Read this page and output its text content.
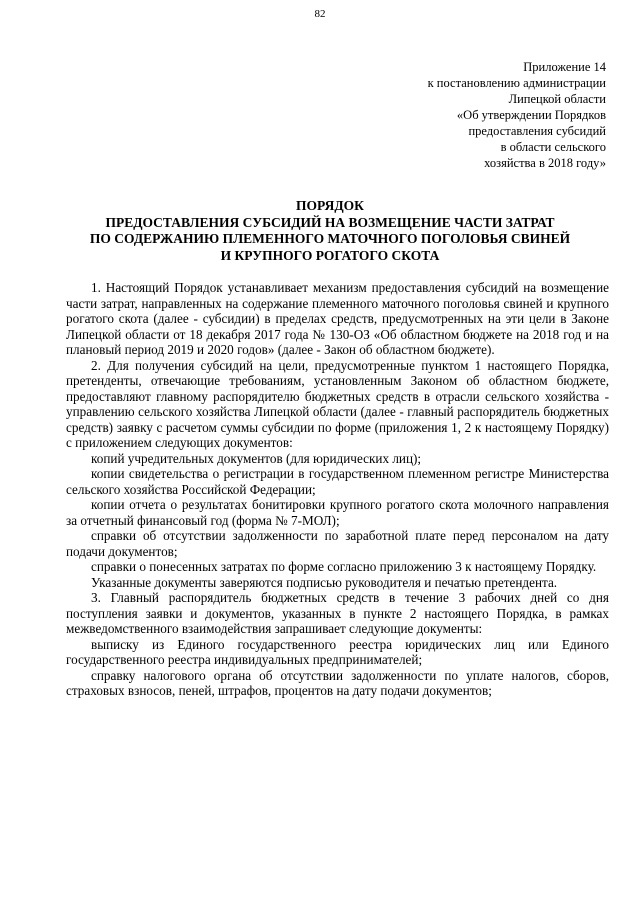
82
Приложение 14
к постановлению администрации
Липецкой области
«Об утверждении Порядков
предоставления субсидий
в области сельского
хозяйства в 2018 году»
ПОРЯДОК
ПРЕДОСТАВЛЕНИЯ СУБСИДИЙ НА ВОЗМЕЩЕНИЕ ЧАСТИ ЗАТРАТ
ПО СОДЕРЖАНИЮ ПЛЕМЕННОГО МАТОЧНОГО ПОГОЛОВЬЯ СВИНЕЙ
И КРУПНОГО РОГАТОГО СКОТА

1. Настоящий Порядок устанавливает механизм предоставления субсидий на возмещение части затрат, направленных на содержание племенного маточного поголовья свиней и крупного рогатого скота (далее - субсидии) в пределах средств, предусмотренных на эти цели в Законе Липецкой области от 18 декабря 2017 года № 130-ОЗ «Об областном бюджете на 2018 год и на плановый период 2019 и 2020 годов» (далее - Закон об областном бюджете).

2. Для получения субсидий на цели, предусмотренные пунктом 1 настоящего Порядка, претенденты, отвечающие требованиям, установленным Законом об областном бюджете, предоставляют главному распорядителю бюджетных средств в отрасли сельского хозяйства - управлению сельского хозяйства Липецкой области (далее - главный распорядитель бюджетных средств) заявку с расчетом суммы субсидии по форме (приложения 1, 2 к настоящему Порядку) с приложением следующих документов:

копий учредительных документов (для юридических лиц);

копии свидетельства о регистрации в государственном племенном регистре Министерства сельского хозяйства Российской Федерации;

копии отчета о результатах бонитировки крупного рогатого скота молочного направления за отчетный финансовый год (форма № 7-МОЛ);

справки об отсутствии задолженности по заработной плате перед персоналом на дату подачи документов;

справки о понесенных затратах по форме согласно приложению 3 к настоящему Порядку.

Указанные документы заверяются подписью руководителя и печатью претендента.

3. Главный распорядитель бюджетных средств в течение 3 рабочих дней со дня поступления заявки и документов, указанных в пункте 2 настоящего Порядка, в рамках межведомственного взаимодействия запрашивает следующие документы:

выписку из Единого государственного реестра юридических лиц или Единого государственного реестра индивидуальных предпринимателей;

справку налогового органа об отсутствии задолженности по уплате налогов, сборов, страховых взносов, пеней, штрафов, процентов на дату подачи документов;
